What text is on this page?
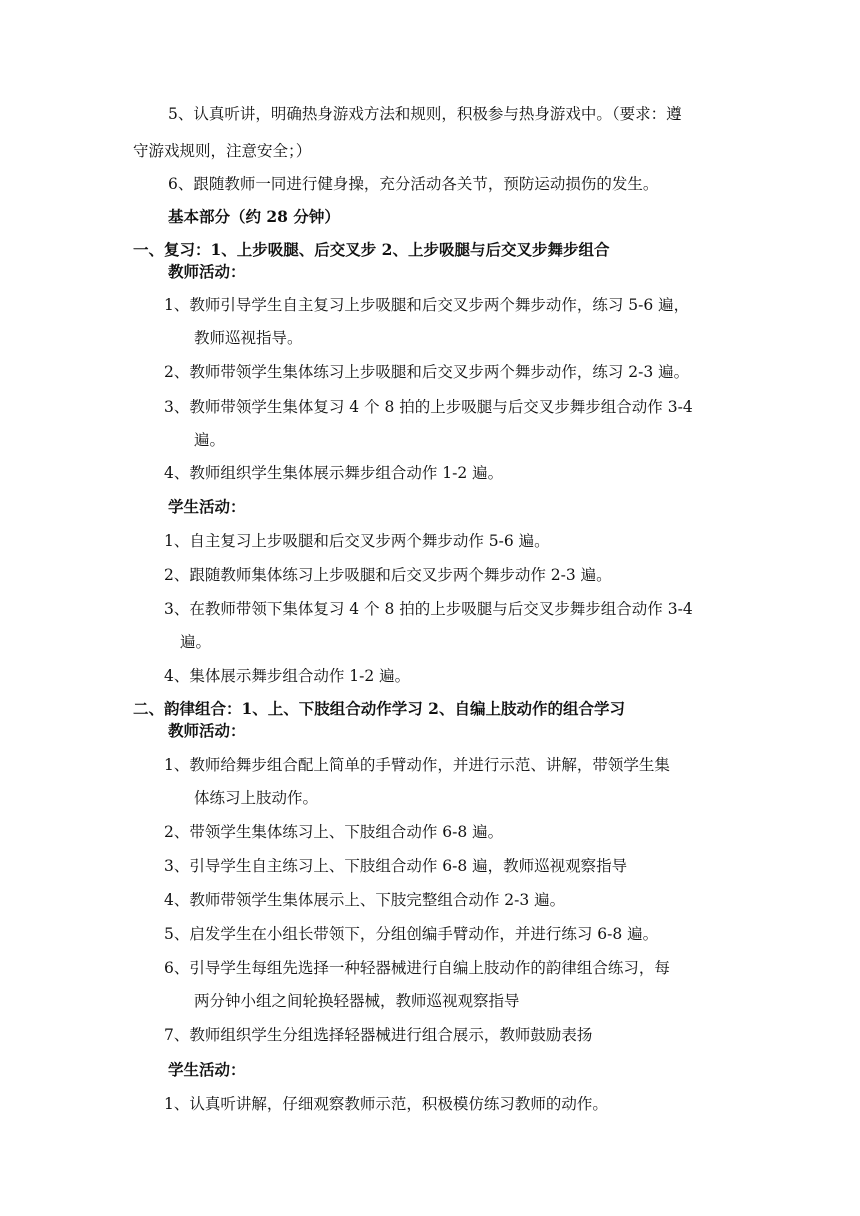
5、认真听讲，明确热身游戏方法和规则，积极参与热身游戏中。（要求：遵
守游戏规则，注意安全；）
6、跟随教师一同进行健身操，充分活动各关节，预防运动损伤的发生。
基本部分（约 28 分钟）
一、复习：1、上步吸腿、后交叉步 2、上步吸腿与后交叉步舞步组合
教师活动：
1、教师引导学生自主复习上步吸腿和后交叉步两个舞步动作，练习 5-6 遍，
教师巡视指导。
2、教师带领学生集体练习上步吸腿和后交叉步两个舞步动作，练习 2-3 遍。
3、教师带领学生集体复习 4 个 8 拍的上步吸腿与后交叉步舞步组合动作 3-4
遍。
4、教师组织学生集体展示舞步组合动作 1-2 遍。
学生活动：
1、自主复习上步吸腿和后交叉步两个舞步动作 5-6 遍。
2、跟随教师集体练习上步吸腿和后交叉步两个舞步动作 2-3 遍。
3、在教师带领下集体复习 4 个 8 拍的上步吸腿与后交叉步舞步组合动作 3-4
遍。
4、集体展示舞步组合动作 1-2 遍。
二、韵律组合：1、上、下肢组合动作学习 2、自编上肢动作的组合学习
教师活动：
1、教师给舞步组合配上简单的手臂动作，并进行示范、讲解，带领学生集
体练习上肢动作。
2、带领学生集体练习上、下肢组合动作 6-8 遍。
3、引导学生自主练习上、下肢组合动作 6-8 遍，教师巡视观察指导
4、教师带领学生集体展示上、下肢完整组合动作 2-3 遍。
5、启发学生在小组长带领下，分组创编手臂动作，并进行练习 6-8 遍。
6、引导学生每组先选择一种轻器械进行自编上肢动作的韵律组合练习，每
两分钟小组之间轮换轻器械，教师巡视观察指导
7、教师组织学生分组选择轻器械进行组合展示，教师鼓励表扬
学生活动：
1、认真听讲解，仔细观察教师示范，积极模仿练习教师的动作。
